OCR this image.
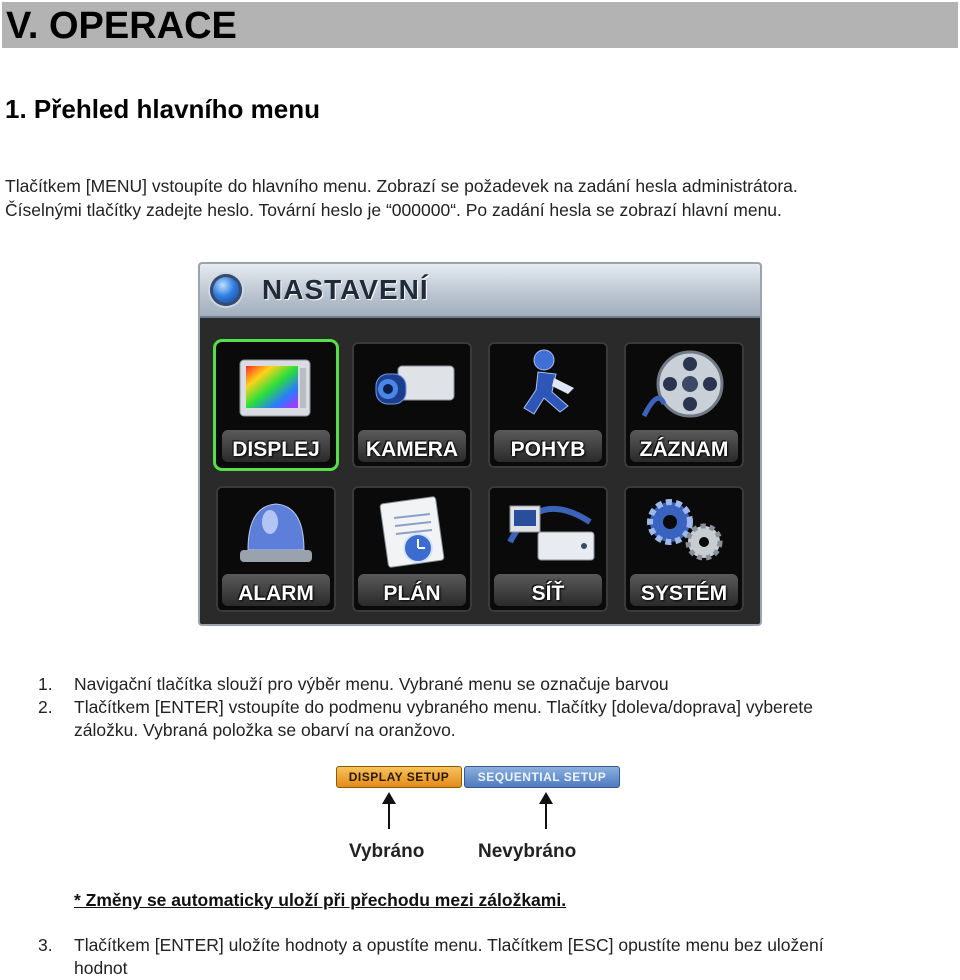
V. OPERACE
1. Přehled hlavního menu

Tlačítkem [MENU] vstoupíte do hlavního menu. Zobrazí se požadevek na zadání hesla administrátora.

Číselnými tlačítky zadejte heslo. Tovární heslo je “000000“. Po zadání hesla se zobrazí hlavní menu.

NASTAVENÍ
DISPLEJ	KAMERA	POHYB	ZÁZNAM
ALARM	PLÁN	SÍŤ	SYSTÉM
1. Navigační tlačítka slouží pro výběr menu. Vybrané menu se označuje barvou
2. Tlačítkem [ENTER] vstoupíte do podmenu vybraného menu. Tlačítky [doleva/doprava] vyberete
záložku. Vybraná položka se obarví na oranžovo.
DISPLAY SETUP	SEQUENTIAL SETUP
Vybráno	Nevybráno
* Změny se automaticky uloží při přechodu mezi záložkami.
3. Tlačítkem [ENTER] uložíte hodnoty a opustíte menu. Tlačítkem [ESC] opustíte menu bez uložení
hodnot
